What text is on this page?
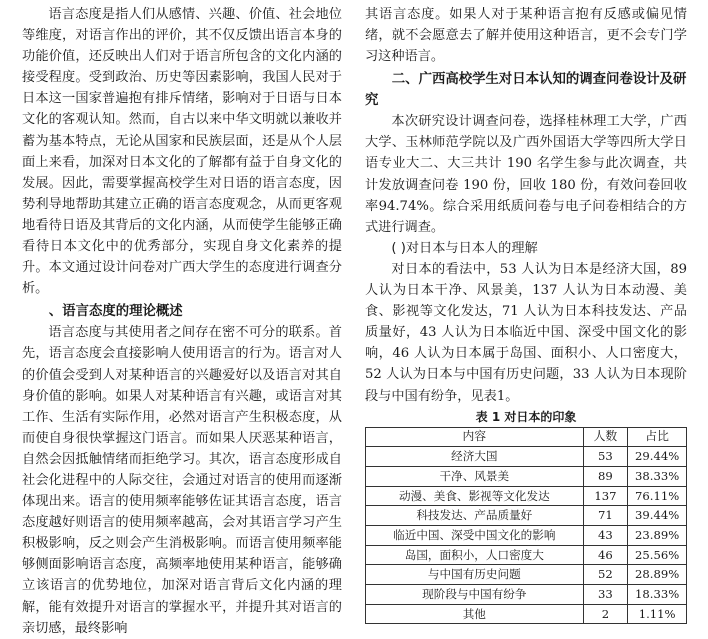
语言态度是指人们从感情、兴趣、价值、社会地位等维度，对语言作出的评价，其不仅反馈出语言本身的功能价值，还反映出人们对于语言所包含的文化内涵的接受程度。受到政治、历史等因素影响，我国人民对于日本这一国家普遍抱有排斥情绪，影响对于日语与日本文化的客观认知。然而，自古以来中华文明就以兼收并蓄为基本特点，无论从国家和民族层面，还是从个人层面上来看，加深对日本文化的了解都有益于自身文化的发展。因此，需要掌握高校学生对日语的语言态度，因势利导地帮助其建立正确的语言态度观念，从而更客观地看待日语及其背后的文化内涵，从而使学生能够正确看待日本文化中的优秀部分，实现自身文化素养的提升。本文通过设计问卷对广西大学生的态度进行调查分析。

、语言态度的理论概述

语言态度与其使用者之间存在密不可分的联系。首先，语言态度会直接影响人使用语言的行为。语言对人的价值会受到人对某种语言的兴趣爱好以及语言对其自身价值的影响。如果人对某种语言有兴趣，或语言对其工作、生活有实际作用，必然对语言产生积极态度，从而使自身很快掌握这门语言。而如果人厌恶某种语言，自然会因抵触情绪而拒绝学习。其次，语言态度形成自社会化进程中的人际交往，会通过对语言的使用而逐渐体现出来。语言的使用频率能够佐证其语言态度，语言态度越好则语言的使用频率越高，会对其语言学习产生积极影响，反之则会产生消极影响。而语言使用频率能够侧面影响语言态度，高频率地使用某种语言，能够确立该语言的优势地位，加深对语言背后文化内涵的理解，能有效提升对语言的掌握水平，并提升其对语言的亲切感，最终影响

其语言态度。如果人对于某种语言抱有反感或偏见情绪，就不会愿意去了解并使用这种语言，更不会专门学习这种语言。

二、广西高校学生对日本认知的调查问卷设计及研究

本次研究设计调查问卷，选择桂林理工大学，广西大学、玉林师范学院以及广西外国语大学等四所大学日语专业大二、大三共计 190 名学生参与此次调查，共计发放调查问卷 190 份，回收 180 份，有效问卷回收率94.74%。综合采用纸质问卷与电子问卷相结合的方式进行调查。

( )对日本与日本人的理解

对日本的看法中，53 人认为日本是经济大国，89 人认为日本干净、风景美，137 人认为日本动漫、美食、影视等文化发达，71 人认为日本科技发达、产品质量好，43 人认为日本临近中国、深受中国文化的影响，46 人认为日本属于岛国、面积小、人口密度大，52 人认为日本与中国有历史问题，33 人认为日本现阶段与中国有纷争，见表1。

表 1 对日本的印象
内容	人数	占比
经济大国	53	29.44%
干净、风景美	89	38.33%
动漫、美食、影视等文化发达	137	76.11%
科技发达、产品质量好	71	39.44%
临近中国、深受中国文化的影响	43	23.89%
岛国，面积小，人口密度大	46	25.56%
与中国有历史问题	52	28.89%
现阶段与中国有纷争	33	18.33%
其他	2	1.11%
